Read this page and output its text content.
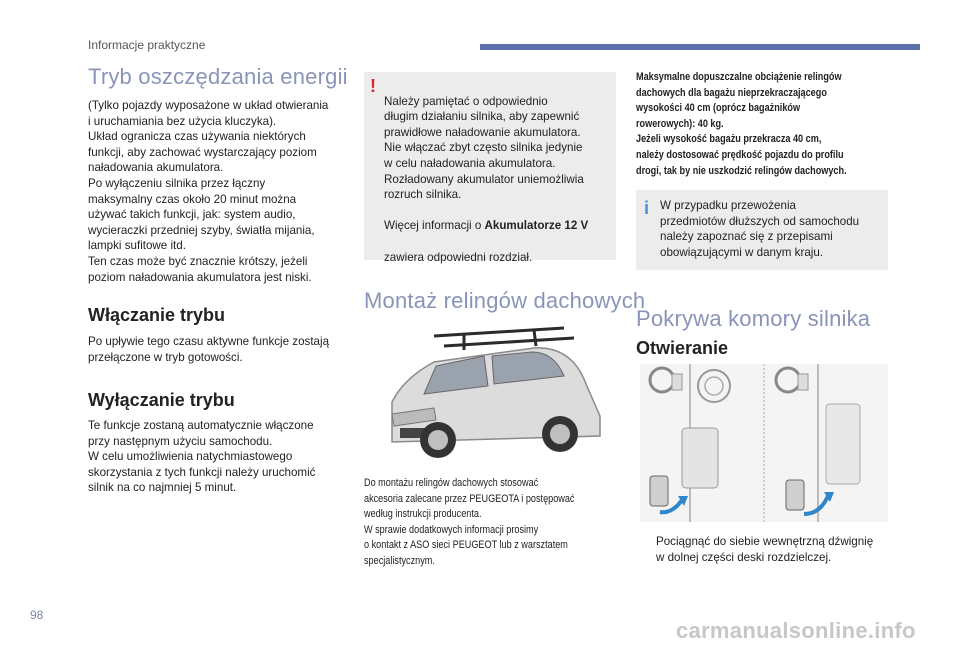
Informacje praktyczne
Tryb oszczędzania energii
(Tylko pojazdy wyposażone w układ otwierania
i uruchamiania bez użycia kluczyka).
Układ ogranicza czas używania niektórych
funkcji, aby zachować wystarczający poziom
naładowania akumulatora.
Po wyłączeniu silnika przez łączny
maksymalny czas około 20 minut można
używać takich funkcji, jak: system audio,
wycieraczki przedniej szyby, światła mijania,
lampki sufitowe itd.
Ten czas może być znacznie krótszy, jeżeli
poziom naładowania akumulatora jest niski.
Włączanie trybu
Po upływie tego czasu aktywne funkcje zostają
przełączone w tryb gotowości.
Wyłączanie trybu
Te funkcje zostaną automatycznie włączone
przy następnym użyciu samochodu.
W celu umożliwienia natychmiastowego
skorzystania z tych funkcji należy uruchomić
silnik na co najmniej 5 minut.
!

Należy pamiętać o odpowiednio
długim działaniu silnika, aby zapewnić
prawidłowe naładowanie akumulatora.
Nie włączać zbyt często silnika jedynie
w celu naładowania akumulatora.
Rozładowany akumulator uniemożliwia
rozruch silnika.

Więcej informacji o Akumulatorze 12 V

zawiera odpowiedni rozdział.

Montaż relingów dachowych
Do montażu relingów dachowych stosować
akcesoria zalecane przez PEUGEOTA i postępować
według instrukcji producenta.
W sprawie dodatkowych informacji prosimy
o kontakt z ASO sieci PEUGEOT lub z warsztatem
specjalistycznym.
Maksymalne dopuszczalne obciążenie relingów
dachowych dla bagażu nieprzekraczającego
wysokości 40 cm (oprócz bagażników
rowerowych): 40 kg.
Jeżeli wysokość bagażu przekracza 40 cm,
należy dostosować prędkość pojazdu do profilu
drogi, tak by nie uszkodzić relingów dachowych.
i W przypadku przewożenia
przedmiotów dłuższych od samochodu
należy zapoznać się z przepisami
obowiązującymi w danym kraju.
Pokrywa komory silnika
Otwieranie
Pociągnąć do siebie wewnętrzną dźwignię
w dolnej części deski rozdzielczej.
98
carmanualsonline.info
